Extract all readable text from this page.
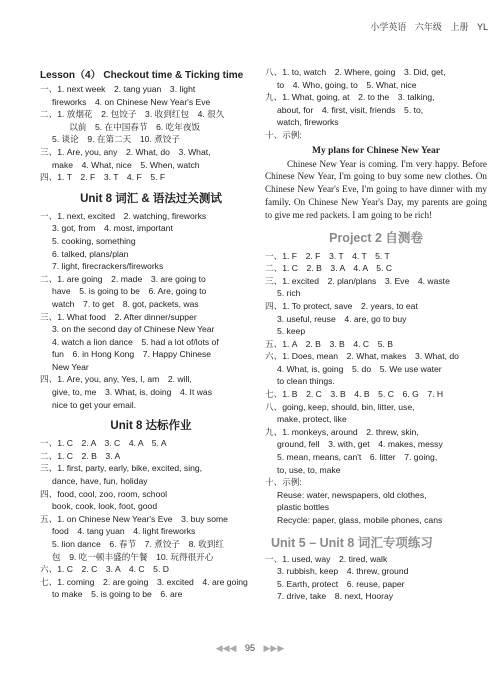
小学英语 六年级 上册 YL
Lesson（4） Checkout time & Ticking time
一、1. next week　2. tang yuan　3. light
fireworks　4. on Chinese New Year's Eve
二、1. 放烟花　2. 包饺子　3. 收到红包　4. 很久
　　以前　5. 在中国春节　6. 吃年夜饭
5. 谈论　9. 在第二天　10. 煮饺子
三、1. Are, you, any　2. What, do　3. What,
make　4. What, nice　5. When, watch
四、1. T　2. F　3. T　4. F　5. F
Unit 8 词汇 & 语法过关测试
一、1. next, excited　2. watching, fireworks
3. got, from　4. most, important
5. cooking, something
6. talked, plans/plan
7. light, firecrackers/fireworks
二、1. are going　2. made　3. are going to
have　5. is going to be　6. Are, going to
watch　7. to get　8. got, packets, was
三、1. What food　2. After dinner/supper
3. on the second day of Chinese New Year
4. watch a lion dance　5. had a lot of/lots of
fun　6. in Hong Kong　7. Happy Chinese
New Year
四、1. Are, you, any, Yes, I, am　2. will,
give, to, me　3. What, is, doing　4. It was
nice to get your email.
Unit 8 达标作业
一、1. C　2. A　3. C　4. A　5. A
二、1. C　2. B　3. A
三、1. first, party, early, bike, excited, sing,
dance, have, fun, holiday
四、food, cool, zoo, room, school
book, cook, look, foot, good
五、1. on Chinese New Year's Eve　3. buy some
food　4. tang yuan　4. light fireworks
5. lion dance　6. 春节　7. 煮饺子　8. 收到红
包　9. 吃一顿丰盛的午餐　10. 玩得很开心
六、1. C　2. C　3. A　4. C　5. D
七、1. coming　2. are going　3. excited　4. are going
to make　5. is going to be　6. are
八、1. to, watch　2. Where, going　3. Did, get,
to　4. Who, going, to　5. What, nice
九、1. What, going, at　2. to the　3. talking,
about, for　4. first, visit, friends　5. to,
watch, fireworks
十、示例:
My plans for Chinese New Year
Chinese New Year is coming. I'm very happy. Before Chinese New Year, I'm going to buy some new clothes. On Chinese New Year's Eve, I'm going to have dinner with my family. On Chinese New Year's Day, my parents are going to give me red packets. I am going to be rich!
Project 2 自测卷
一、1. F　2. F　3. T　4. T　5. T
二、1. C　2. B　3. A　4. A　5. C
三、1. excited　2. plan/plans　3. Eve　4. waste
5. rich
四、1. To protect, save　2. years, to eat
3. useful, reuse　4. are, go to buy
5. keep
五、1. A　2. B　3. B　4. C　5. B
六、1. Does, mean　2. What, makes　3. What, do
4. What, is, going　5. do　5. We use water
to clean things.
七、1. B　2. C　3. B　4. B　5. C　6. G　7. H
八、going, keep, should, bin, litter, use,
make, protect, like
九、1. monkeys, around　2. threw, skin,
ground, fell　3. with, get　4. makes, messy
5. mean, means, can't　6. litter　7. going,
to, use, to, make
十、示例:
Reuse: water, newspapers, old clothes,
plastic bottles
Recycle: paper, glass, mobile phones, cans
Unit 5 – Unit 8 词汇专项练习
一、1. used, way　2. tired, walk
3. rubbish, keep　4. threw, ground
5. Earth, protect　6. reuse, paper
7. drive, take　8. next, Hooray
◀◀◀ 95 ▶▶▶
